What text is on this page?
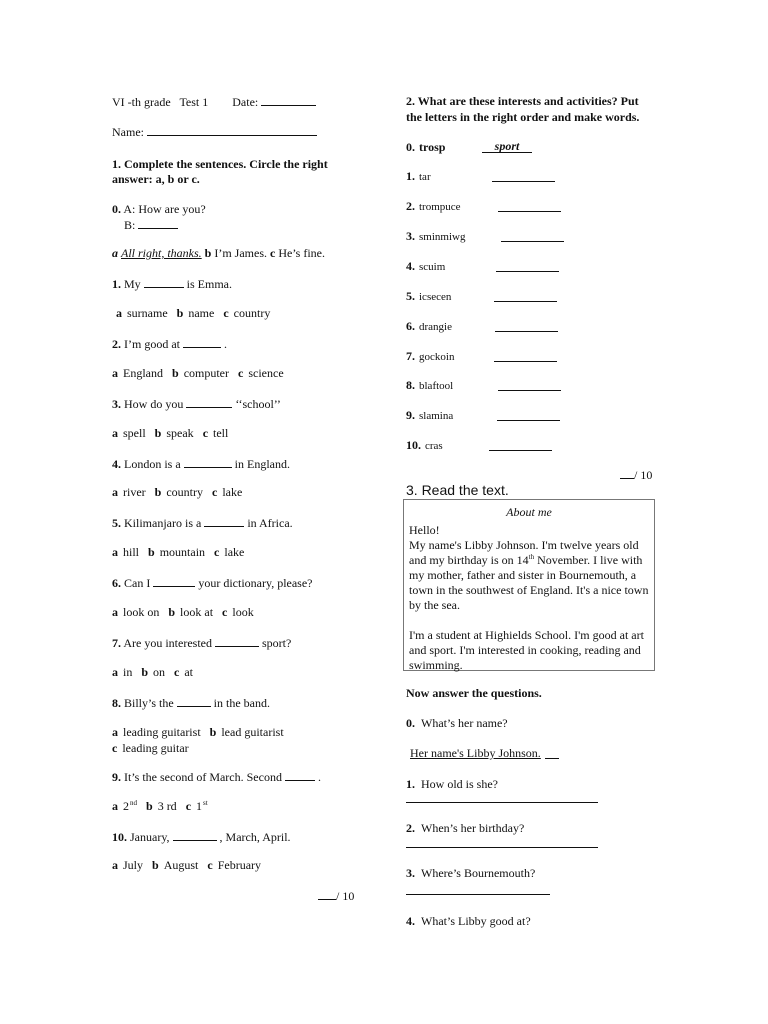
VI -th grade Test 1 Date:
Name:
1. Complete the sentences. Circle the right
answer: a, b or c.
0. A: How are you?
B:
a All right, thanks. b I’m James. c He’s fine.
1. My	is Emma.
a surname b name c country
2. I’m good at	.
a England b computer c science
3. How do you	‘‘school’’
a spell b speak c tell
4. London is a	in England.
a river b country c lake
5. Kilimanjaro is a	in Africa.
a hill b mountain c lake
6. Can I	your dictionary, please?
a look on b look at c look
7. Are you interested	sport?
a in b on c at
8. Billy’s the	in the band.
a leading guitarist b lead guitarist
c leading guitar
9. It’s the second of March. Second	.
a 2nd b 3 rd c 1st
10. January,	, March, April.
a July b August c February
/ 10
2. What are these interests and activities? Put
the letters in the right order and make words.
0. trosp	sport
1. tar
2. trompuce
3. sminmiwg
4. scuim
5. icsecen
6. drangie
7. gockoin
8. blaftool
9. slamina
10. cras
/ 10
3. Read the text.
About me

Hello!

My name's Libby Johnson. I'm twelve years old and my birthday is on 14th November. I live with my mother, father and sister in Bournemouth, a town in the southwest of England. It's a nice town by the sea.

I'm a student at Highields School. I'm good at art and sport. I'm interested in cooking, reading and swimming.

Now answer the questions.
0. What’s her name?
Her name's Libby Johnson.
1. How old is she?
2. When’s her birthday?
3. Where’s Bournemouth?
4. What’s Libby good at?
